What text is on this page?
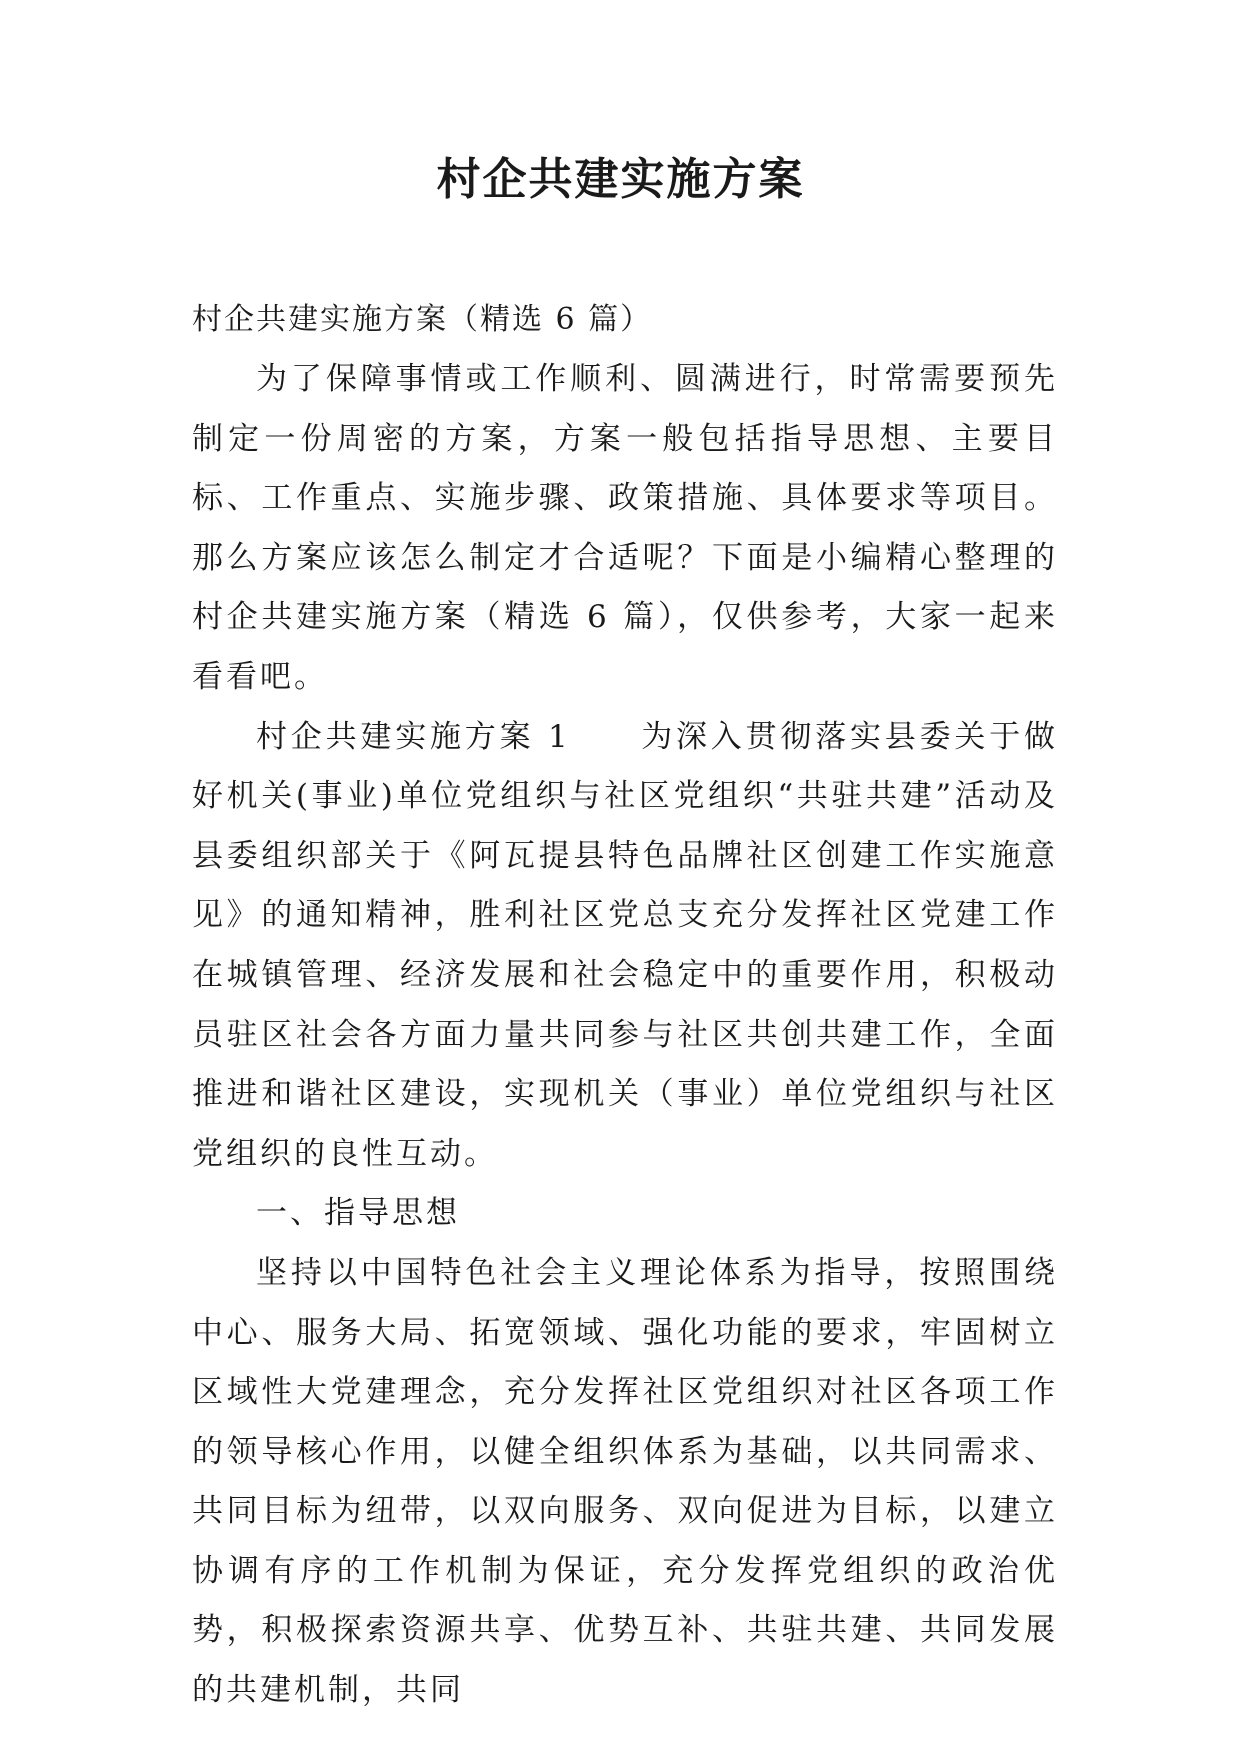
村企共建实施方案

村企共建实施方案（精选 6 篇）

为了保障事情或工作顺利、圆满进行，时常需要预先制定一份周密的方案，方案一般包括指导思想、主要目标、工作重点、实施步骤、政策措施、具体要求等项目。那么方案应该怎么制定才合适呢？下面是小编精心整理的村企共建实施方案（精选 6 篇），仅供参考，大家一起来看看吧。

村企共建实施方案 1　　为深入贯彻落实县委关于做好机关(事业)单位党组织与社区党组织“共驻共建”活动及县委组织部关于《阿瓦提县特色品牌社区创建工作实施意见》的通知精神，胜利社区党总支充分发挥社区党建工作在城镇管理、经济发展和社会稳定中的重要作用，积极动员驻区社会各方面力量共同参与社区共创共建工作，全面推进和谐社区建设，实现机关（事业）单位党组织与社区党组织的良性互动。

一、指导思想

坚持以中国特色社会主义理论体系为指导，按照围绕中心、服务大局、拓宽领域、强化功能的要求，牢固树立区域性大党建理念，充分发挥社区党组织对社区各项工作的领导核心作用，以健全组织体系为基础，以共同需求、共同目标为纽带，以双向服务、双向促进为目标，以建立协调有序的工作机制为保证，充分发挥党组织的政治优势，积极探索资源共享、优势互补、共驻共建、共同发展的共建机制，共同
